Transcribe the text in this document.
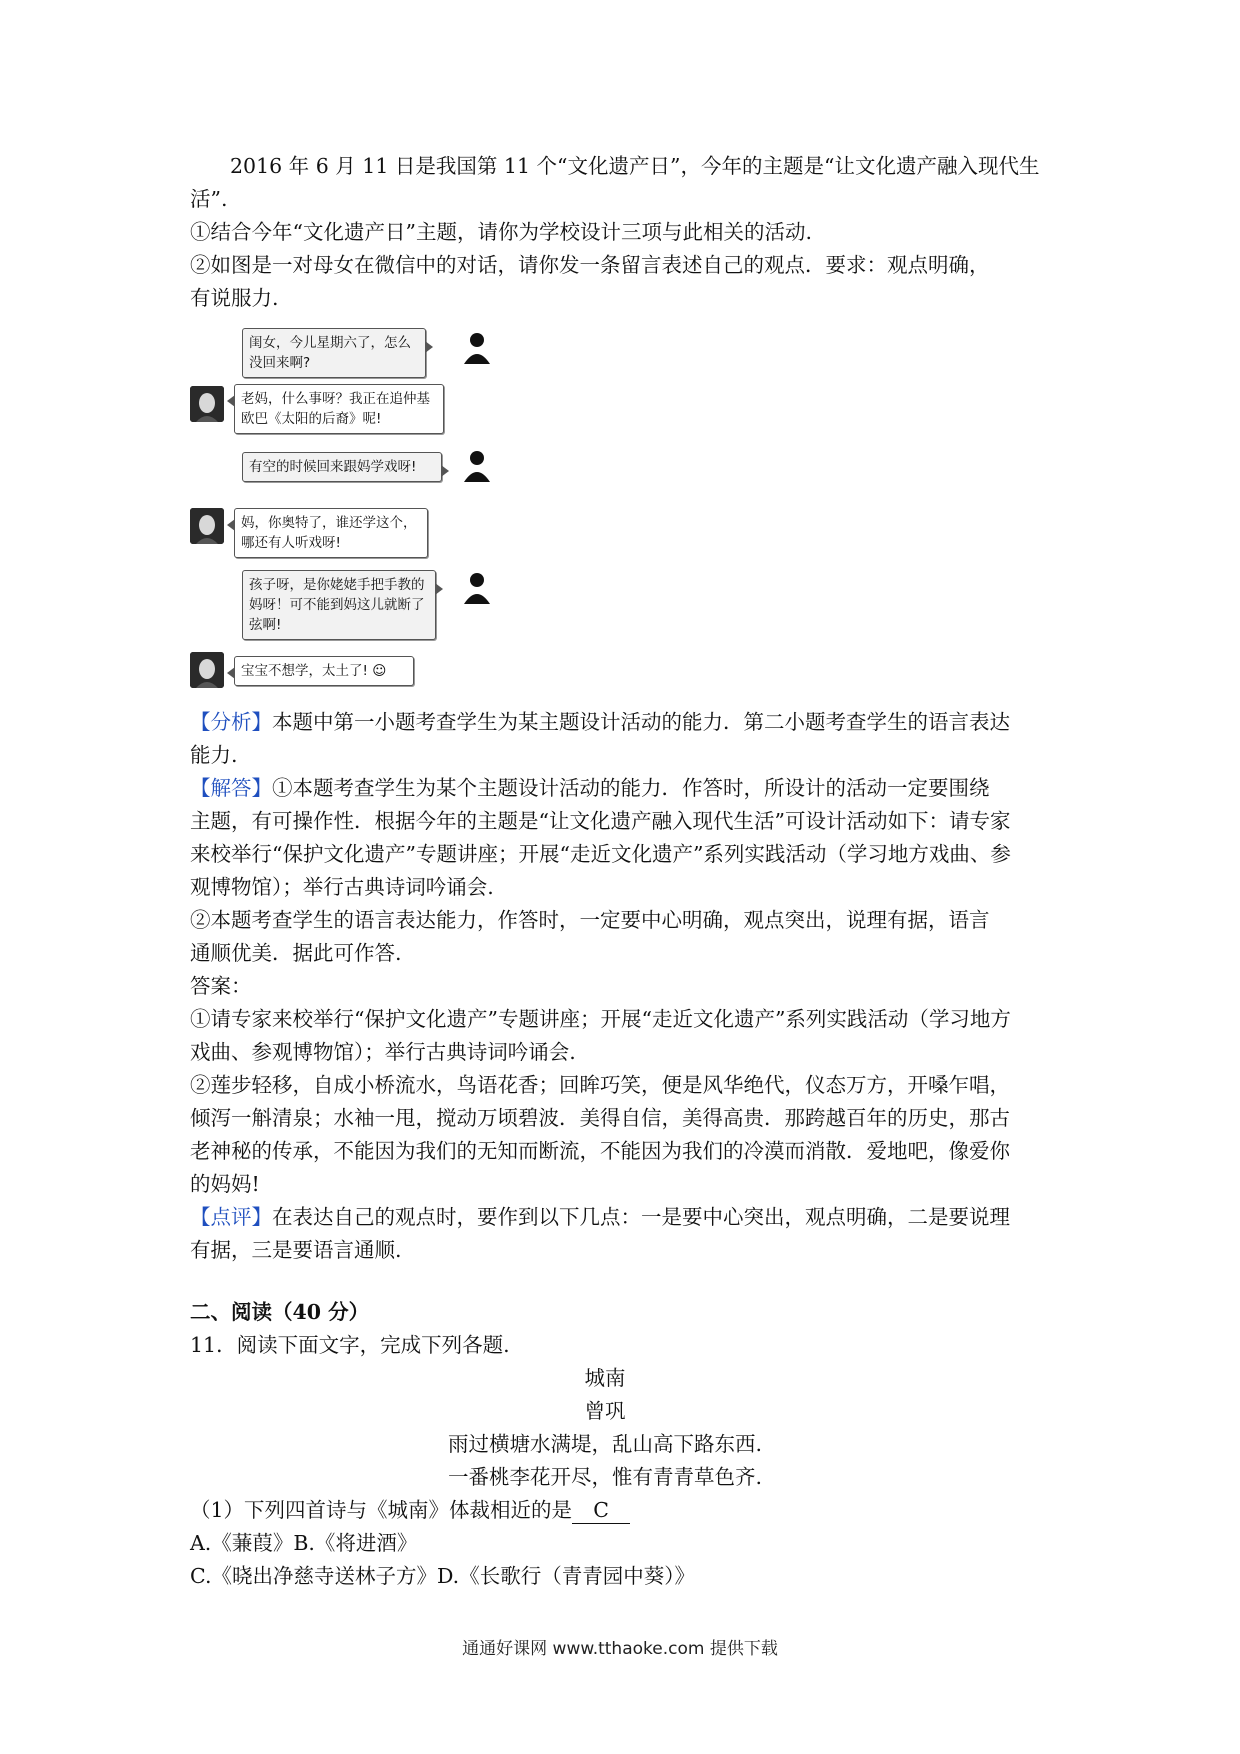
2016 年 6 月 11 日是我国第 11 个“文化遗产日”，今年的主题是“让文化遗产融入现代生
活”.
①结合今年“文化遗产日”主题，请你为学校设计三项与此相关的活动.
②如图是一对母女在微信中的对话，请你发一条留言表述自己的观点．要求：观点明确，
有说服力.
闺女，今儿星期六了，怎么没回来啊?
老妈，什么事呀？我正在追仲基欧巴《太阳的后裔》呢!
有空的时候回来跟妈学戏呀!
妈，你奥特了，谁还学这个，哪还有人听戏呀!
孩子呀，是你姥姥手把手教的妈呀！可不能到妈这儿就断了弦啊!
宝宝不想学，太土了! ☺
【分析】本题中第一小题考查学生为某主题设计活动的能力．第二小题考查学生的语言表达
能力.
【解答】①本题考查学生为某个主题设计活动的能力．作答时，所设计的活动一定要围绕
主题，有可操作性．根据今年的主题是“让文化遗产融入现代生活”可设计活动如下：请专家
来校举行“保护文化遗产”专题讲座；开展“走近文化遗产”系列实践活动（学习地方戏曲、参
观博物馆）；举行古典诗词吟诵会.
②本题考查学生的语言表达能力，作答时，一定要中心明确，观点突出，说理有据，语言
通顺优美．据此可作答.
答案：
①请专家来校举行“保护文化遗产”专题讲座；开展“走近文化遗产”系列实践活动（学习地方
戏曲、参观博物馆）；举行古典诗词吟诵会.
②莲步轻移，自成小桥流水，鸟语花香；回眸巧笑，便是风华绝代，仪态万方，开嗓乍唱，
倾泻一斛清泉；水袖一甩，搅动万顷碧波．美得自信，美得高贵．那跨越百年的历史，那古
老神秘的传承，不能因为我们的无知而断流，不能因为我们的冷漠而消散．爱地吧，像爱你
的妈妈!
【点评】在表达自己的观点时，要作到以下几点：一是要中心突出，观点明确，二是要说理
有据，三是要语言通顺.
二、阅读（40 分）
11．阅读下面文字，完成下列各题.
城南
曾巩
雨过横塘水满堤，乱山高下路东西.
一番桃李花开尽，惟有青青草色齐.
（1）下列四首诗与《城南》体裁相近的是 C
A.《蒹葭》B.《将进酒》
C.《晓出净慈寺送林子方》D.《长歌行（青青园中葵）》
通通好课网 www.tthaoke.com 提供下载
